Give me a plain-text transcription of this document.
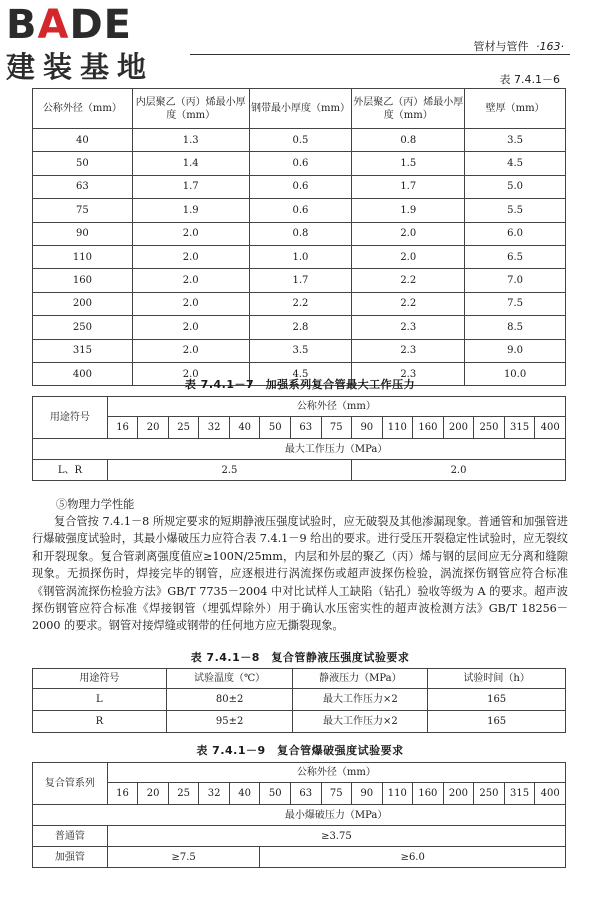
BADE
建装基地
管材与管件 ·163·
表 7.4.1－6
公称外径（mm）	内层聚乙（丙）烯最小厚度（mm）	钢带最小厚度（mm）	外层聚乙（丙）烯最小厚度（mm）	壁厚（mm）
40	1.3	0.5	0.8	3.5
50	1.4	0.6	1.5	4.5
63	1.7	0.6	1.7	5.0
75	1.9	0.6	1.9	5.5
90	2.0	0.8	2.0	6.0
110	2.0	1.0	2.0	6.5
160	2.0	1.7	2.2	7.0
200	2.0	2.2	2.2	7.5
250	2.0	2.8	2.3	8.5
315	2.0	3.5	2.3	9.0
400	2.0	4.5	2.3	10.0
表 7.4.1－7　加强系列复合管最大工作压力
用途符号	公称外径（mm）														
	16	20	25	32	40	50	63	75	90	110	160	200	250	315	400
	最大工作压力（MPa）														
L、R	2.5								2.0						
⑤物理力学性能
复合管按 7.4.1－8 所规定要求的短期静液压强度试验时，应无破裂及其他渗漏现象。普通管和加强管进行爆破强度试验时，其最小爆破压力应符合表 7.4.1－9 给出的要求。进行受压开裂稳定性试验时，应无裂纹和开裂现象。复合管剥离强度值应≥100N/25mm，内层和外层的聚乙（丙）烯与钢的层间应无分离和缝隙现象。无损探伤时，焊接完毕的钢管，应逐根进行涡流探伤或超声波探伤检验，涡流探伤钢管应符合标准《钢管涡流探伤检验方法》GB/T 7735－2004 中对比试样人工缺陷（钻孔）验收等级为 A 的要求。超声波探伤钢管应符合标准《焊接钢管（埋弧焊除外）用于确认水压密实性的超声波检测方法》GB/T 18256－2000 的要求。钢管对接焊缝或钢带的任何地方应无撕裂现象。
表 7.4.1－8　复合管静液压强度试验要求
用途符号	试验温度（℃）	静液压力（MPa）	试验时间（h）
L	80±2	最大工作压力×2	165
R	95±2	最大工作压力×2	165
表 7.4.1－9　复合管爆破强度试验要求
复合管系列	公称外径（mm）														
	16	20	25	32	40	50	63	75	90	110	160	200	250	315	400
	最小爆破压力（MPa）														
普通管	≥3.75														
加强管	≥7.5					≥6.0									
